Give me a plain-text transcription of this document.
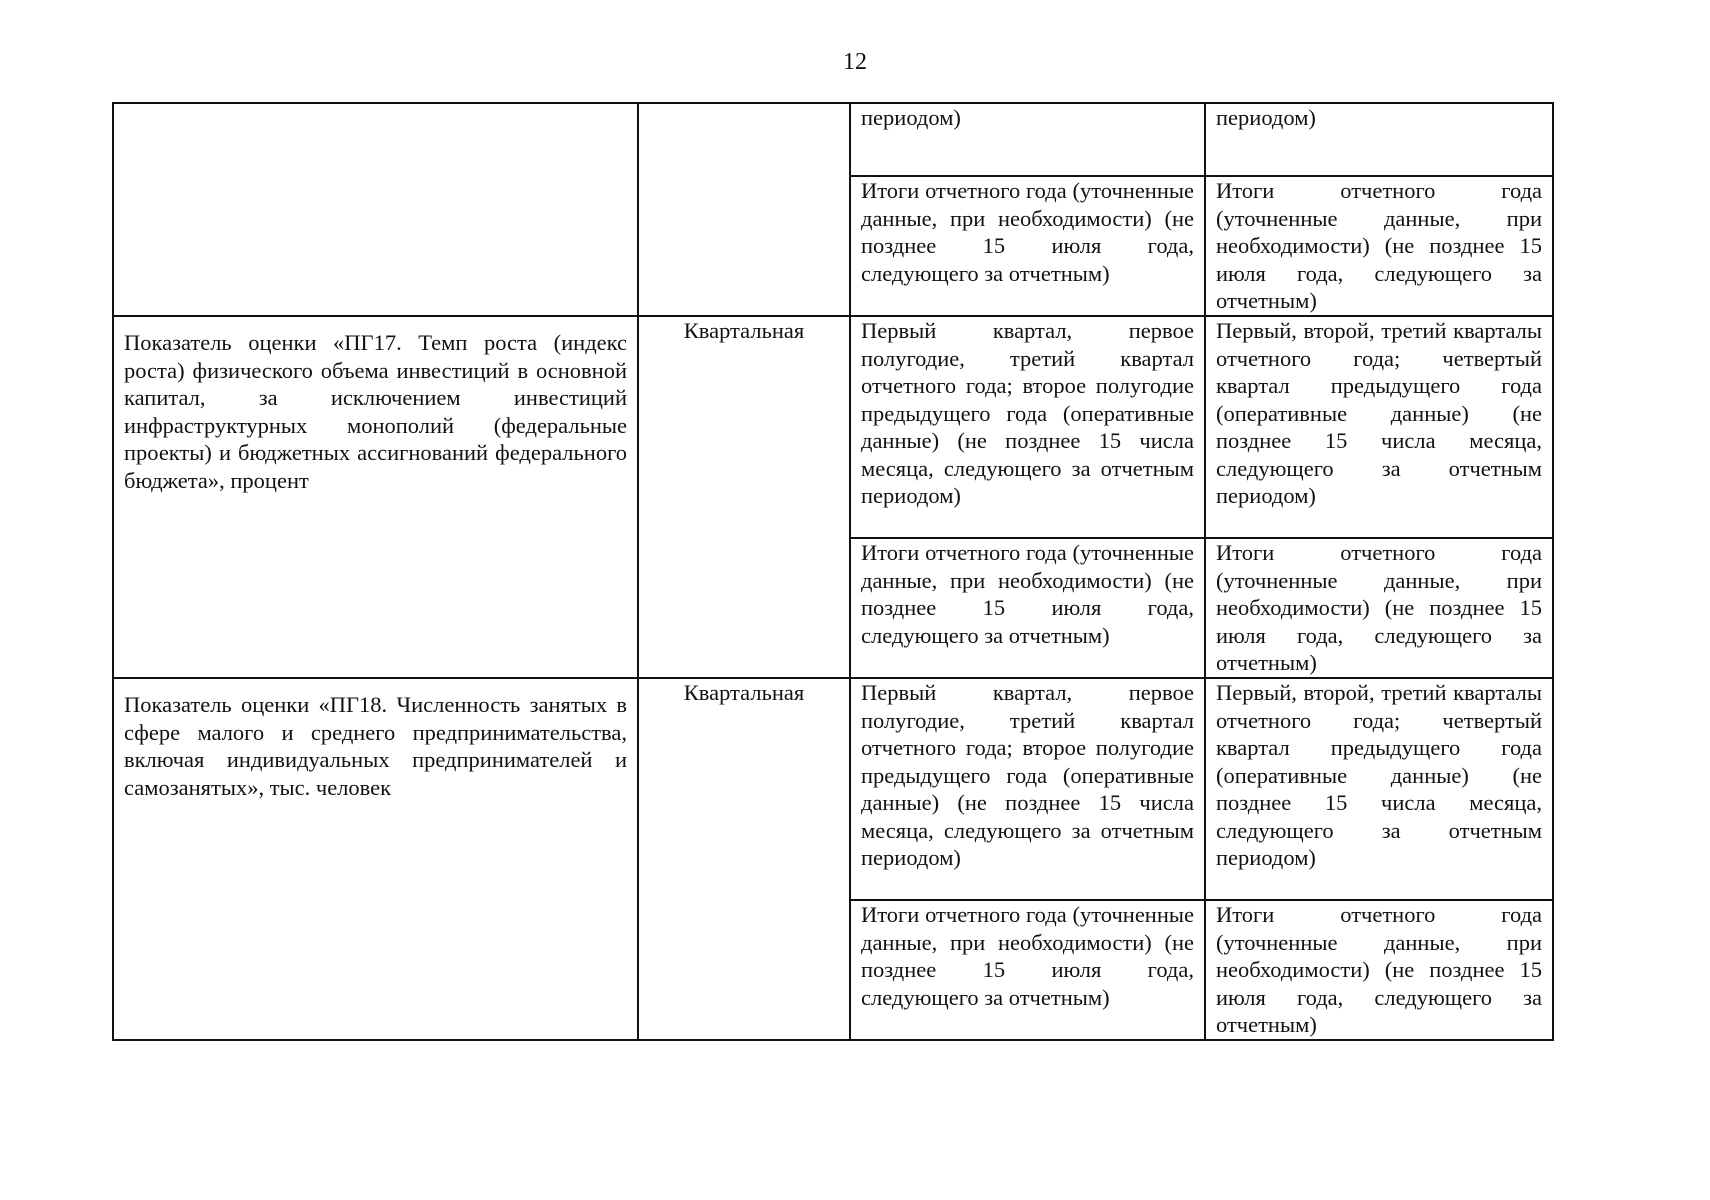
12
		периодом)	периодом)
		Итоги отчетного года (уточненные данные, при необходимости) (не позднее 15 июля года, следующего за отчетным)	Итоги отчетного года (уточненные данные, при необходимости) (не позднее 15 июля года, следующего за отчетным)
Показатель оценки «ПГ17. Темп роста (индекс роста) физического объема инвестиций в основной капитал, за исключением инвестиций инфраструктурных монополий (федеральные проекты) и бюджетных ассигнований федерального бюджета», процент	Квартальная	Первый квартал, первое полугодие, третий квартал отчетного года; второе полугодие предыдущего года (оперативные данные) (не позднее 15 числа месяца, следующего за отчетным периодом)	Первый, второй, третий кварталы отчетного года; четвертый квартал предыдущего года (оперативные данные) (не позднее 15 числа месяца, следующего за отчетным периодом)
		Итоги отчетного года (уточненные данные, при необходимости) (не позднее 15 июля года, следующего за отчетным)	Итоги отчетного года (уточненные данные, при необходимости) (не позднее 15 июля года, следующего за отчетным)
Показатель оценки «ПГ18. Численность занятых в сфере малого и среднего предпринимательства, включая индивидуальных предпринимателей и самозанятых», тыс. человек	Квартальная	Первый квартал, первое полугодие, третий квартал отчетного года; второе полугодие предыдущего года (оперативные данные) (не позднее 15 числа месяца, следующего за отчетным периодом)	Первый, второй, третий кварталы отчетного года; четвертый квартал предыдущего года (оперативные данные) (не позднее 15 числа месяца, следующего за отчетным периодом)
		Итоги отчетного года (уточненные данные, при необходимости) (не позднее 15 июля года, следующего за отчетным)	Итоги отчетного года (уточненные данные, при необходимости) (не позднее 15 июля года, следующего за отчетным)
